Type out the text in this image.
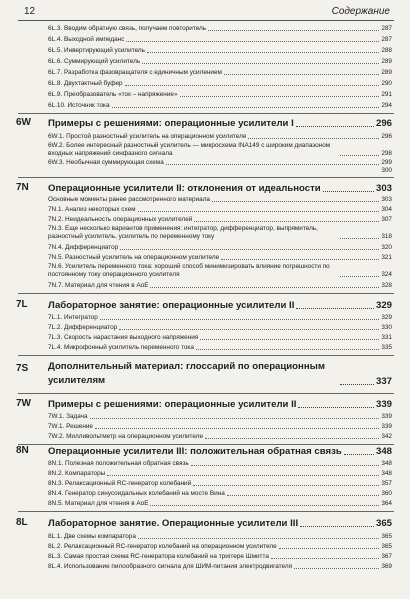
12	Содержание
6L.3. Вводим обратную связь, получаем повторитель	287
6L.4. Выходной импеданс	287
6L.5. Инвертирующий усилитель	288
6L.6. Суммирующий усилитель	289
6L.7. Разработка фазовращателя с единичным усилением	289
6L.8. Двухтактный буфер	290
6L.9. Преобразователь «ток – напряжение»	291
6L.10. Источник тока	294
6W Примеры с решениями: операционные усилители I	296
6W.1. Простой разностный усилитель на операционном усилителе	296
6W.2. Более интересный разностный усилитель — микросхема INA149 с широким диапазоном входных напряжений синфазного сигнала	298
6W.3. Необычная суммирующая схема	299
300
7N Операционные усилители II: отклонения от идеальности	303
Основные моменты ранее рассмотренного материала	303
7N.1. Анализ некоторых схем	304
7N.2. Неидеальность операционных усилителей	307
7N.3. Еще несколько вариантов применения: интегратор, дифференциатор, выпрямитель, разностный усилитель, усилитель по переменному току	318
7N.4. Дифференциатор	320
7N.5. Разностный усилитель на операционном усилителе	321
7N.6. Усилитель переменного тока: хороший способ минимизировать влияние погрешности по постоянному току операционного усилителя	324
7N.7. Материал для чтения в AoE	328
7L Лабораторное занятие: операционные усилители II	329
7L.1. Интегратор	329
7L.2. Дифференциатор	330
7L.3. Скорость нарастания выходного напряжения	331
7L.4. Микрофонный усилитель переменного тока	335
7S Дополнительный материал: глоссарий по операционным усилителям	337
7W Примеры с решениями: операционные усилители II	339
7W.1. Задача	339
7W.1. Решение	339
7W.2. Милливольтметр на операционном усилителе	342
8N Операционные усилители III: положительная обратная связь	348
8N.1. Полезная положительная обратная связь	348
8N.2. Компараторы	348
8N.3. Релаксационный RC-генератор колебаний	357
8N.4. Генератор синусоидальных колебаний на мосте Вина	360
8N.5. Материал для чтения в AoE	364
8L Лабораторное занятие. Операционные усилители III	365
8L.1. Две схемы компаратора	365
8L.2. Релаксационный RC-генератор колебаний на операционном усилителе	365
8L.3. Самая простая схема RC-генератора колебаний на триггере Шмитта	367
8L.4. Использование пилообразного сигнала для ШИМ-питания электродвигателя	369
